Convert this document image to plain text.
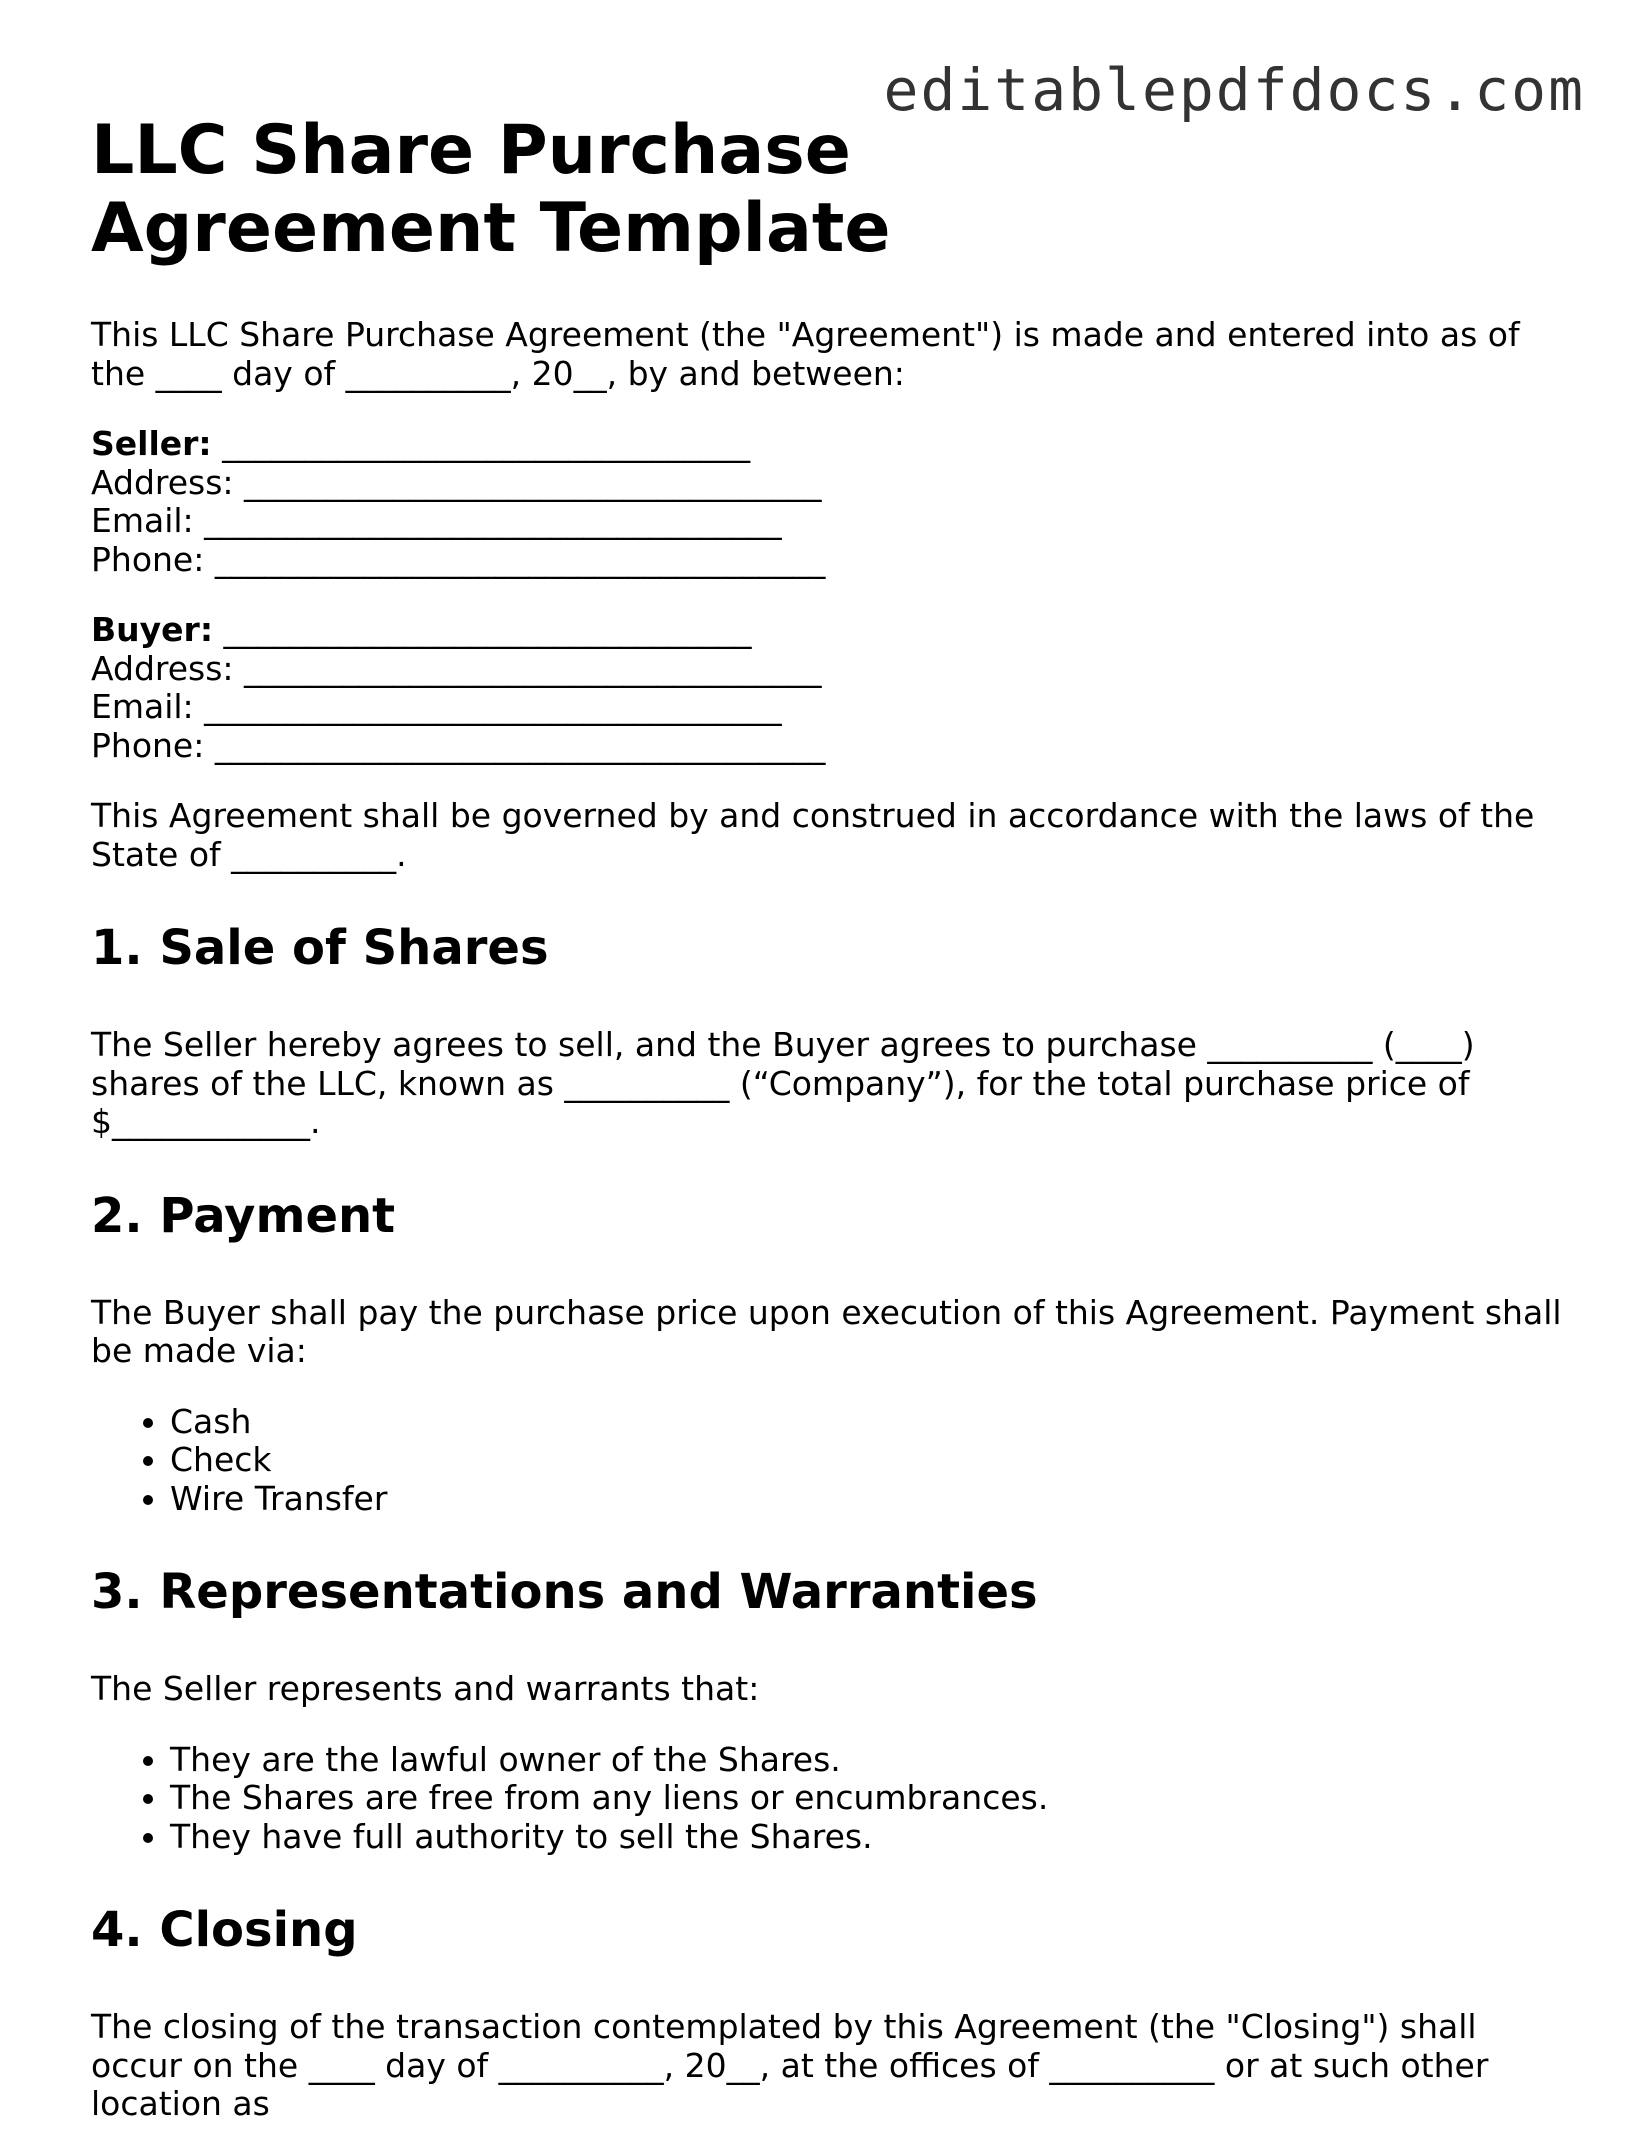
editablepdfdocs.com
LLC Share Purchase Agreement Template

This LLC Share Purchase Agreement (the "Agreement") is made and entered into as of the ____ day of __________, 20__, by and between:

Seller: ________________________________
Address: ___________________________________
Email: ___________________________________
Phone: _____________________________________
Buyer: ________________________________
Address: ___________________________________
Email: ___________________________________
Phone: _____________________________________

This Agreement shall be governed by and construed in accordance with the laws of the State of __________.

1. Sale of Shares

The Seller hereby agrees to sell, and the Buyer agrees to purchase __________ (____) shares of the LLC, known as __________ (“Company”), for the total purchase price of $____________.

2. Payment

The Buyer shall pay the purchase price upon execution of this Agreement. Payment shall be made via:

• Cash
• Check
• Wire Transfer
3. Representations and Warranties

The Seller represents and warrants that:

• They are the lawful owner of the Shares.
• The Shares are free from any liens or encumbrances.
• They have full authority to sell the Shares.
4. Closing

The closing of the transaction contemplated by this Agreement (the "Closing") shall occur on the ____ day of __________, 20__, at the offices of __________ or at such other location as
